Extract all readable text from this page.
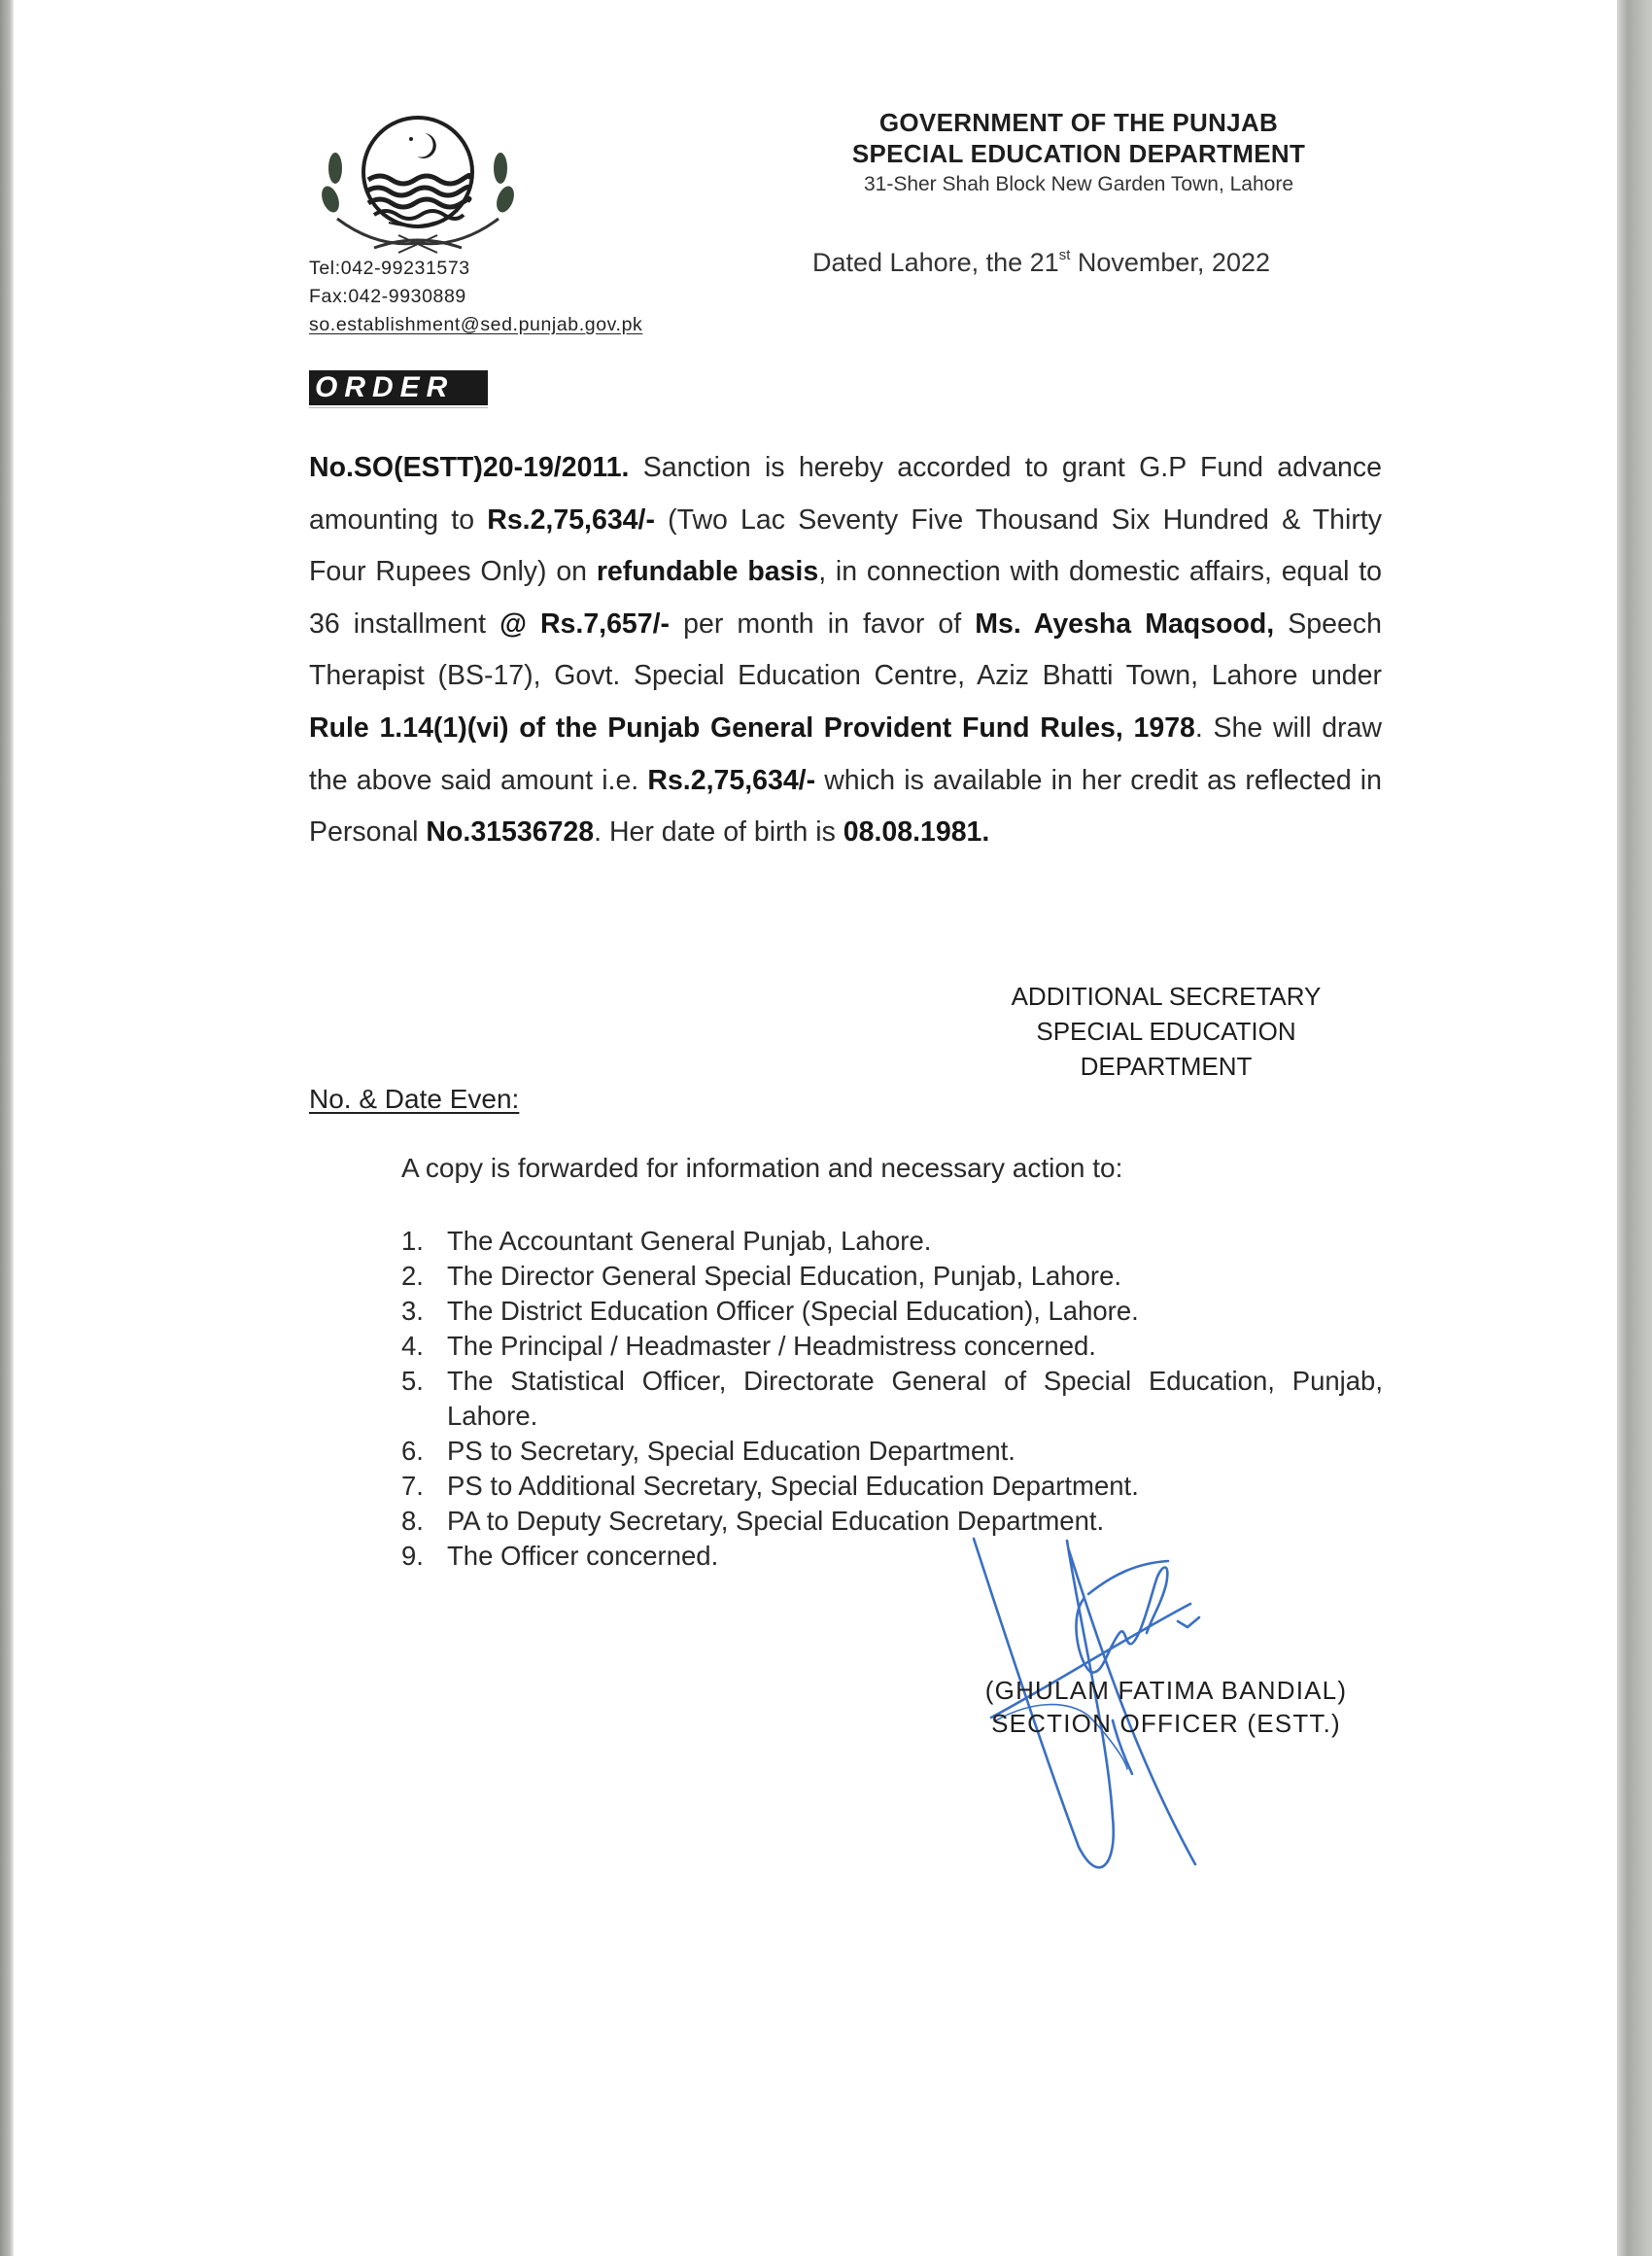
Tel:042-99231573
Fax:042-9930889
so.establishment@sed.punjab.gov.pk
GOVERNMENT OF THE PUNJAB
SPECIAL EDUCATION DEPARTMENT
31-Sher Shah Block New Garden Town, Lahore
Dated Lahore, the 21st November, 2022
ORDER
No.SO(ESTT)20-19/2011. Sanction is hereby accorded to grant G.P Fund advance amounting to Rs.2,75,634/- (Two Lac Seventy Five Thousand Six Hundred & Thirty Four Rupees Only) on refundable basis, in connection with domestic affairs, equal to 36 installment @ Rs.7,657/- per month in favor of Ms. Ayesha Maqsood, Speech Therapist (BS-17), Govt. Special Education Centre, Aziz Bhatti Town, Lahore under Rule 1.14(1)(vi) of the Punjab General Provident Fund Rules, 1978. She will draw the above said amount i.e. Rs.2,75,634/- which is available in her credit as reflected in Personal No.31536728. Her date of birth is 08.08.1981.
ADDITIONAL SECRETARY
SPECIAL EDUCATION
DEPARTMENT
No. & Date Even:
A copy is forwarded for information and necessary action to:
1. The Accountant General Punjab, Lahore.
2. The Director General Special Education, Punjab, Lahore.
3. The District Education Officer (Special Education), Lahore.
4. The Principal / Headmaster / Headmistress concerned.
5. The Statistical Officer, Directorate General of Special Education, Punjab, Lahore.
6. PS to Secretary, Special Education Department.
7. PS to Additional Secretary, Special Education Department.
8. PA to Deputy Secretary, Special Education Department.
9. The Officer concerned.
(GHULAM FATIMA BANDIAL)
SECTION OFFICER (ESTT.)
